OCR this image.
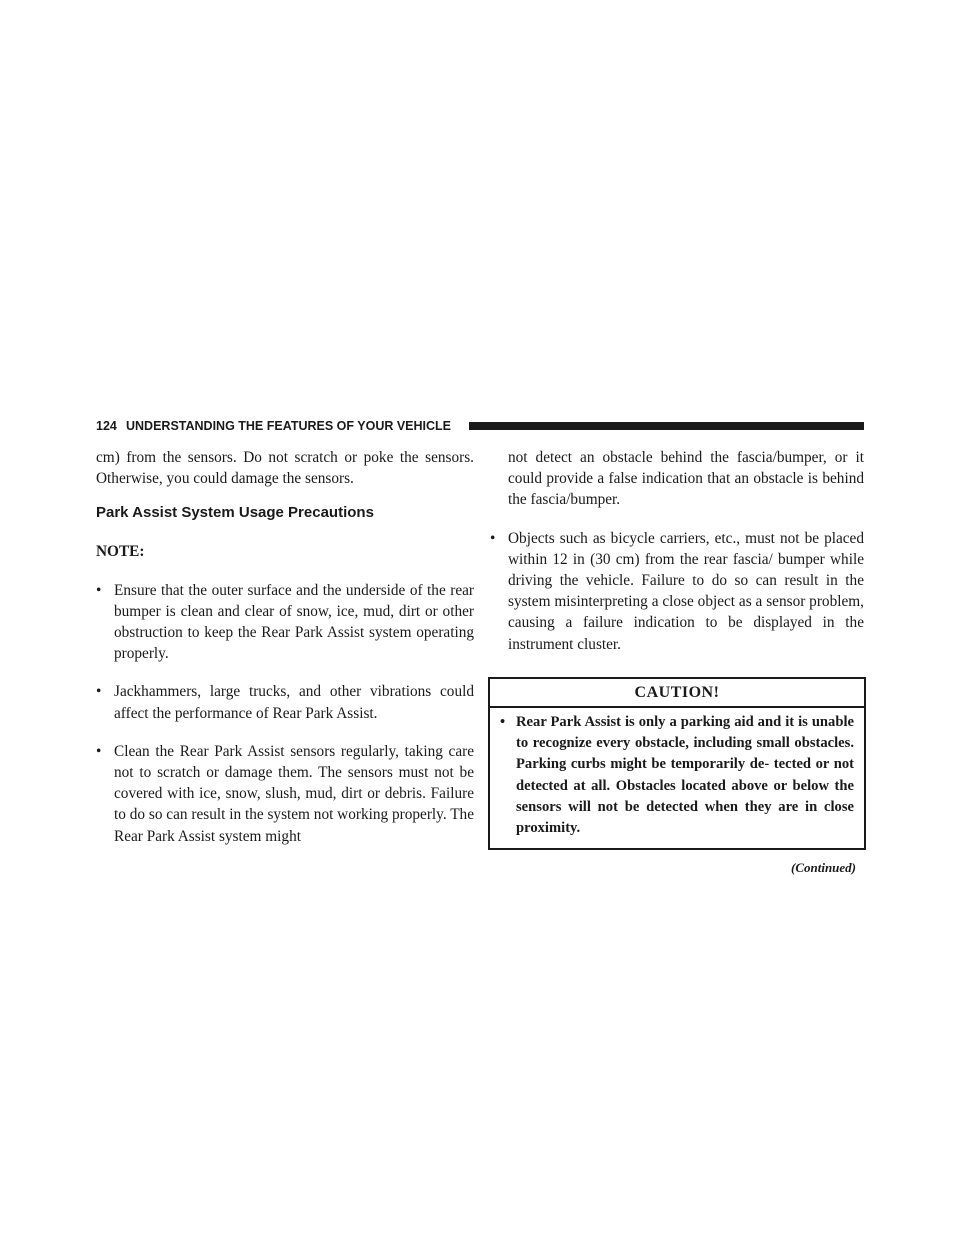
124 UNDERSTANDING THE FEATURES OF YOUR VEHICLE

cm) from the sensors. Do not scratch or poke the sensors. Otherwise, you could damage the sensors.

Park Assist System Usage Precautions

NOTE:

• Ensure that the outer surface and the underside of the rear bumper is clean and clear of snow, ice, mud, dirt or other obstruction to keep the Rear Park Assist system operating properly.
• Jackhammers, large trucks, and other vibrations could affect the performance of Rear Park Assist.
• Clean the Rear Park Assist sensors regularly, taking care not to scratch or damage them. The sensors must not be covered with ice, snow, slush, mud, dirt or debris. Failure to do so can result in the system not working properly. The Rear Park Assist system might

not detect an obstacle behind the fascia/bumper, or it could provide a false indication that an obstacle is behind the fascia/bumper.

• Objects such as bicycle carriers, etc., must not be placed within 12 in (30 cm) from the rear fascia/ bumper while driving the vehicle. Failure to do so can result in the system misinterpreting a close object as a sensor problem, causing a failure indication to be displayed in the instrument cluster.
CAUTION!
• Rear Park Assist is only a parking aid and it is unable to recognize every obstacle, including small obstacles. Parking curbs might be temporarily de- tected or not detected at all. Obstacles located above or below the sensors will not be detected when they are in close proximity.
(Continued)
